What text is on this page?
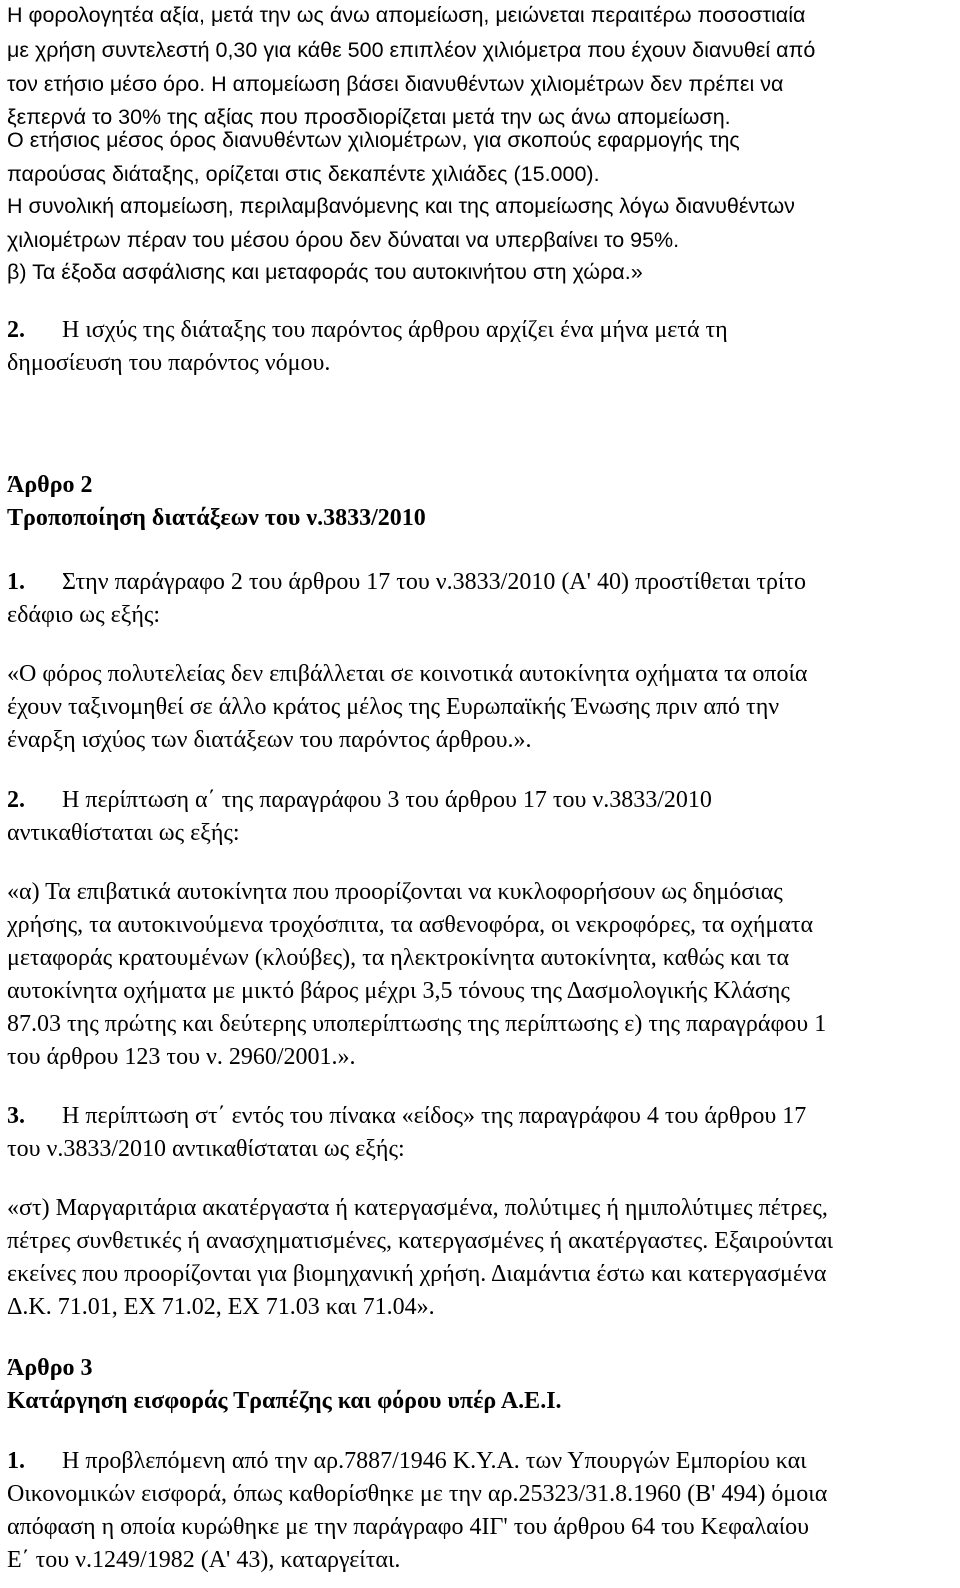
Η φορολογητέα αξία, μετά την ως άνω απομείωση, μειώνεται περαιτέρω ποσοστιαία
με χρήση συντελεστή 0,30 για κάθε 500 επιπλέον χιλιόμετρα που έχουν διανυθεί από
τον ετήσιο μέσο όρο. Η απομείωση βάσει διανυθέντων χιλιομέτρων δεν πρέπει να
ξεπερνά το 30% της αξίας που προσδιορίζεται μετά την ως άνω απομείωση.
Ο ετήσιος μέσος όρος διανυθέντων χιλιομέτρων, για σκοπούς εφαρμογής της
παρούσας διάταξης, ορίζεται στις δεκαπέντε χιλιάδες (15.000).
Η συνολική απομείωση, περιλαμβανόμενης και της απομείωσης λόγω διανυθέντων
χιλιομέτρων πέραν του μέσου όρου δεν δύναται να υπερβαίνει το 95%.
β) Τα έξοδα ασφάλισης και μεταφοράς του αυτοκινήτου στη χώρα.»
2. Η ισχύς της διάταξης του παρόντος άρθρου αρχίζει ένα μήνα μετά τη
δημοσίευση του παρόντος νόμου.
Άρθρο 2
Τροποποίηση διατάξεων του ν.3833/2010
1. Στην παράγραφο 2 του άρθρου 17 του ν.3833/2010 (Α' 40) προστίθεται τρίτο
εδάφιο ως εξής:
«Ο φόρος πολυτελείας δεν επιβάλλεται σε κοινοτικά αυτοκίνητα οχήματα τα οποία
έχουν ταξινομηθεί σε άλλο κράτος μέλος της Ευρωπαϊκής Ένωσης πριν από την
έναρξη ισχύος των διατάξεων του παρόντος άρθρου.».
2. Η περίπτωση α΄ της παραγράφου 3 του άρθρου 17 του ν.3833/2010
αντικαθίσταται ως εξής:
«α) Τα επιβατικά αυτοκίνητα που προορίζονται να κυκλοφορήσουν ως δημόσιας
χρήσης, τα αυτοκινούμενα τροχόσπιτα, τα ασθενοφόρα, οι νεκροφόρες, τα οχήματα
μεταφοράς κρατουμένων (κλούβες), τα ηλεκτροκίνητα αυτοκίνητα, καθώς και τα
αυτοκίνητα οχήματα με μικτό βάρος μέχρι 3,5 τόνους της Δασμολογικής Κλάσης
87.03 της πρώτης και δεύτερης υποπερίπτωσης της περίπτωσης ε) της παραγράφου 1
του άρθρου 123 του ν. 2960/2001.».
3. Η περίπτωση στ΄ εντός του πίνακα «είδος» της παραγράφου 4 του άρθρου 17
του ν.3833/2010 αντικαθίσταται ως εξής:
«στ) Μαργαριτάρια ακατέργαστα ή κατεργασμένα, πολύτιμες ή ημιπολύτιμες πέτρες,
πέτρες συνθετικές ή ανασχηματισμένες, κατεργασμένες ή ακατέργαστες. Εξαιρούνται
εκείνες που προορίζονται για βιομηχανική χρήση. Διαμάντια έστω και κατεργασμένα
Δ.Κ. 71.01, ΕΧ 71.02, ΕΧ 71.03 και 71.04».
Άρθρο 3
Κατάργηση εισφοράς Τραπέζης και φόρου υπέρ Α.Ε.Ι.
1. Η προβλεπόμενη από την αρ.7887/1946 Κ.Υ.Α. των Υπουργών Εμπορίου και
Οικονομικών εισφορά, όπως καθορίσθηκε με την αρ.25323/31.8.1960 (Β' 494) όμοια
απόφαση η οποία κυρώθηκε με την παράγραφο 4ΙΓ' του άρθρου 64 του Κεφαλαίου
Ε΄ του ν.1249/1982 (Α' 43), καταργείται.
